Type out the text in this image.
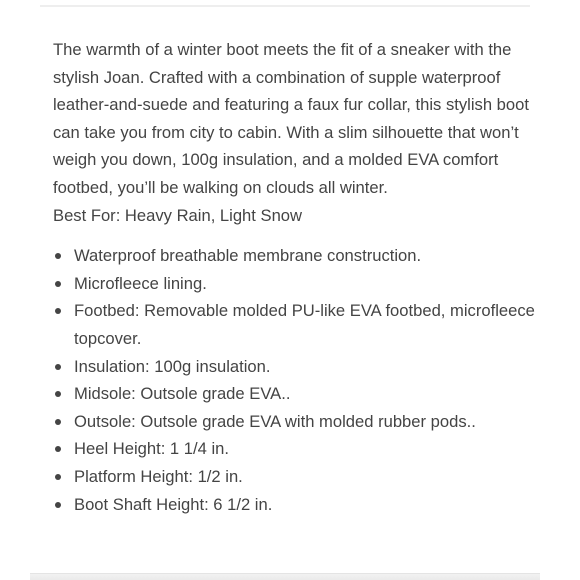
The warmth of a winter boot meets the fit of a sneaker with the stylish Joan. Crafted with a combination of supple waterproof leather-and-suede and featuring a faux fur collar, this stylish boot can take you from city to cabin. With a slim silhouette that won’t weigh you down, 100g insulation, and a molded EVA comfort footbed, you’ll be walking on clouds all winter.

Best For: Heavy Rain, Light Snow

Waterproof breathable membrane construction.
Microfleece lining.
Footbed: Removable molded PU-like EVA footbed, microfleece topcover.
Insulation: 100g insulation.
Midsole: Outsole grade EVA..
Outsole: Outsole grade EVA with molded rubber pods..
Heel Height: 1 1/4 in.
Platform Height: 1/2 in.
Boot Shaft Height: 6 1/2 in.
